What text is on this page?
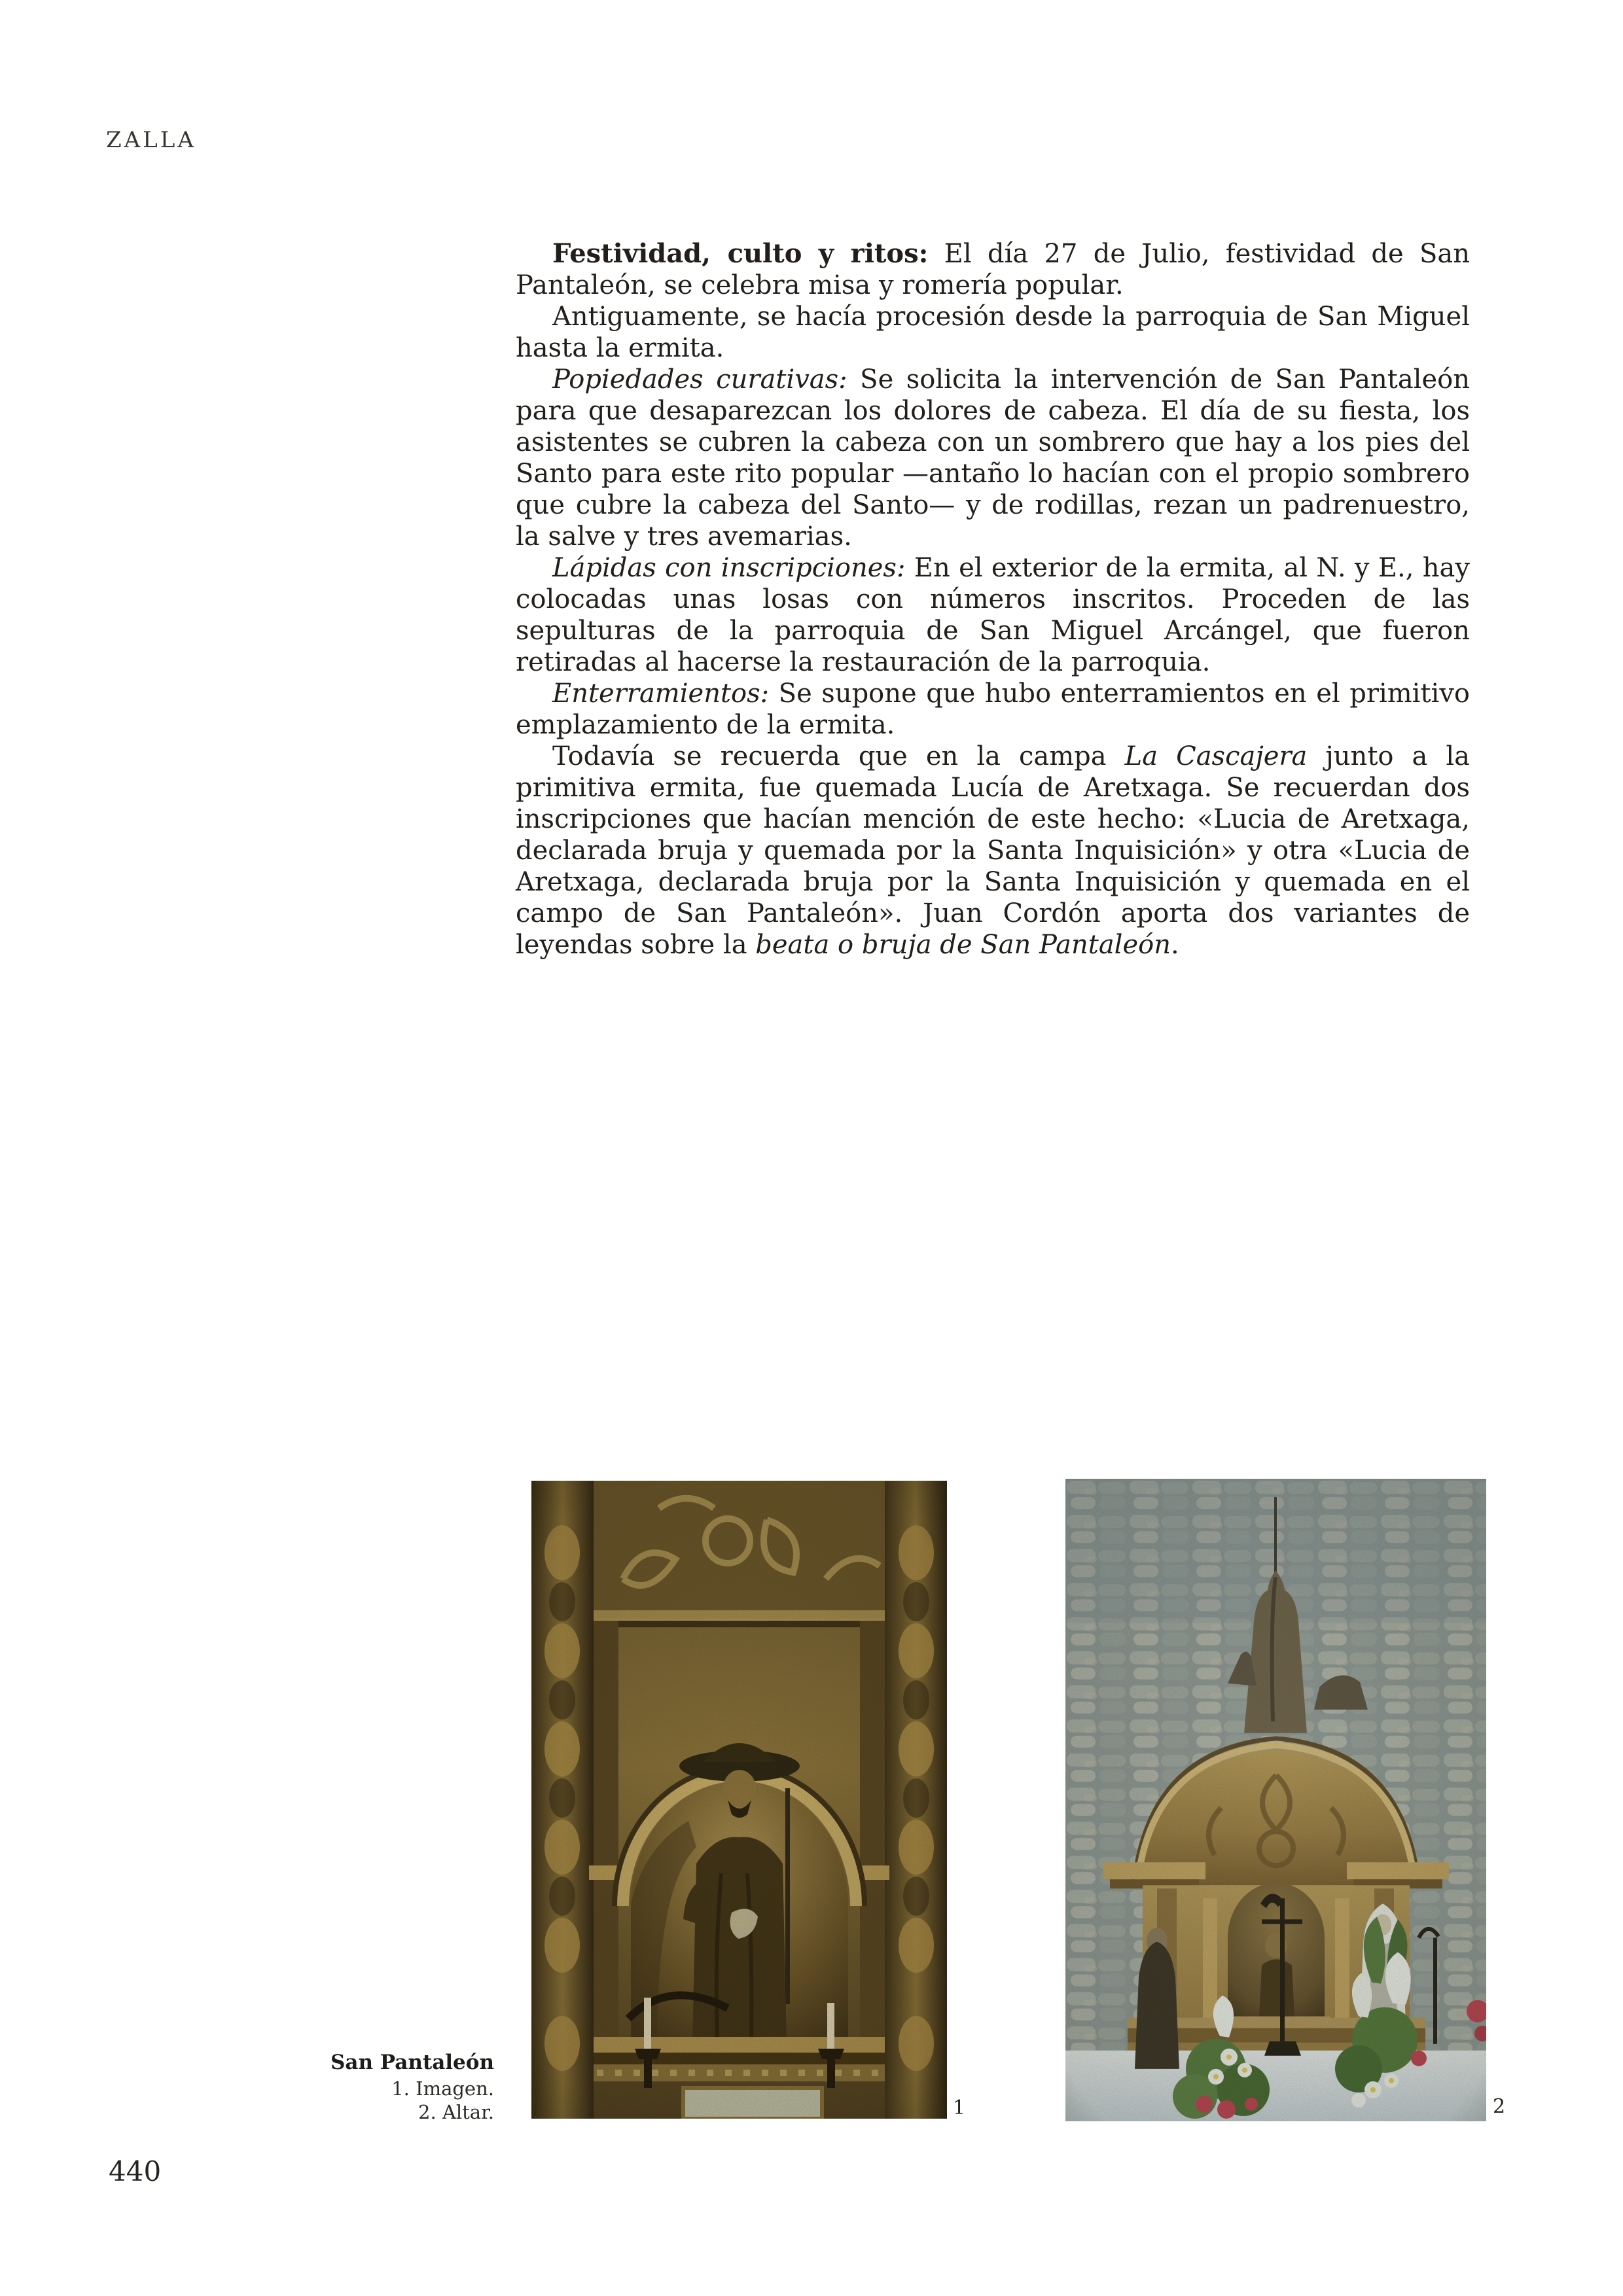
ZALLA

Festividad, culto y ritos: El día 27 de Julio, festividad de San Pantaleón, se celebra misa y romería popular.

Antiguamente, se hacía procesión desde la parroquia de San Miguel hasta la ermita.

Popiedades curativas: Se solicita la intervención de San Pantaleón para que desaparezcan los dolores de cabeza. El día de su fiesta, los asistentes se cubren la cabeza con un sombrero que hay a los pies del Santo para este rito popular —antaño lo hacían con el propio sombrero que cubre la cabeza del Santo— y de rodillas, rezan un padrenuestro, la salve y tres avemarias.

Lápidas con inscripciones: En el exterior de la ermita, al N. y E., hay colocadas unas losas con números inscritos. Proceden de las sepulturas de la parroquia de San Miguel Arcángel, que fueron retiradas al hacerse la restauración de la parroquia.

Enterramientos: Se supone que hubo enterramientos en el primitivo emplazamiento de la ermita.

Todavía se recuerda que en la campa La Cascajera junto a la primitiva ermita, fue quemada Lucía de Aretxaga. Se recuerdan dos inscripciones que hacían mención de este hecho: «Lucia de Aretxaga, declarada bruja y quemada por la Santa Inquisición» y otra «Lucia de Aretxaga, declarada bruja por la Santa Inquisición y quemada en el campo de San Pantaleón». Juan Cordón aporta dos variantes de leyendas sobre la beata o bruja de San Pantaleón.

1	2
San Pantaleón
1. Imagen.
2. Altar.
440
